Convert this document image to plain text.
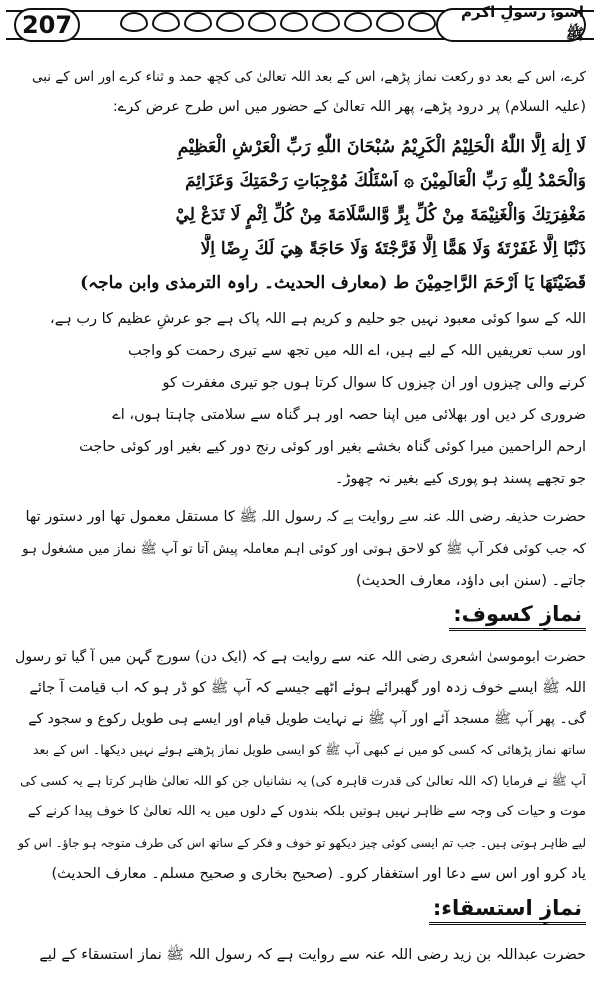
207	اسوۂ رسولِ اکرم ﷺ
کرے، اس کے بعد دو رکعت نماز پڑھے، اس کے بعد اللہ تعالیٰ کی کچھ حمد و ثناء کرے اور اس کے نبی
(علیہ السلام) پر درود پڑھے، پھر اللہ تعالیٰ کے حضور میں اس طرح عرض کرے:
لَا اِلٰهَ اِلَّا اللّٰهُ الْحَلِيْمُ الْكَرِيْمُ سُبْحَانَ اللّٰهِ رَبِّ الْعَرْشِ الْعَظِيْمِ
وَالْحَمْدُ لِلّٰهِ رَبِّ الْعَالَمِيْنَ ۞ اَسْئَلُكَ مُوْجِبَاتِ رَحْمَتِكَ وَعَزَائِمَ
مَغْفِرَتِكَ وَالْغَنِيْمَةَ مِنْ كُلِّ بِرٍّ وَّالسَّلَامَةَ مِنْ كُلِّ اِثْمٍ لَا تَدَعْ لِيْ
ذَنْبًا اِلَّا غَفَرْتَهٗ وَلَا هَمًّا اِلَّا فَرَّجْتَهٗ وَلَا حَاجَةً هِيَ لَكَ رِضًا اِلَّا
قَضَيْتَهَا يَا اَرْحَمَ الرَّاحِمِيْنَ ط (معارف الحدیث۔ راوہ الترمذی وابن ماجہ)
اللہ کے سوا کوئی معبود نہیں جو حلیم و کریم ہے اللہ پاک ہے جو عرشِ عظیم کا رب ہے،
اور سب تعریفیں اللہ کے لیے ہیں، اے اللہ میں تجھ سے تیری رحمت کو واجب
کرنے والی چیزوں اور ان چیزوں کا سوال کرتا ہوں جو تیری مغفرت کو
ضروری کر دیں اور بھلائی میں اپنا حصہ اور ہر گناہ سے سلامتی چاہتا ہوں، اے
ارحم الراحمین میرا کوئی گناہ بخشے بغیر اور کوئی رنج دور کیے بغیر اور کوئی حاجت
جو تجھے پسند ہو پوری کیے بغیر نہ چھوڑ۔
حضرت حذیفہ رضی اللہ عنہ سے روایت ہے کہ رسول اللہ ﷺ کا مستقل معمول تھا اور دستور تھا
کہ جب کوئی فکر آپ ﷺ کو لاحق ہوتی اور کوئی اہم معاملہ پیش آتا تو آپ ﷺ نماز میں مشغول ہو
جاتے۔ (سنن ابی داؤد، معارف الحدیث)
نمازِ کسوف:
حضرت ابوموسیٰ اشعری رضی اللہ عنہ سے روایت ہے کہ (ایک دن) سورج گہن میں آ گیا تو رسول
اللہ ﷺ ایسے خوف زدہ اور گھبرائے ہوئے اٹھے جیسے کہ آپ ﷺ کو ڈر ہو کہ اب قیامت آ جائے
گی۔ پھر آپ ﷺ مسجد آئے اور آپ ﷺ نے نہایت طویل قیام اور ایسے ہی طویل رکوع و سجود کے
ساتھ نماز پڑھائی کہ کسی کو میں نے کبھی آپ ﷺ کو ایسی طویل نماز پڑھتے ہوئے نہیں دیکھا۔ اس کے بعد
آپ ﷺ نے فرمایا (کہ اللہ تعالیٰ کی قدرت قاہرہ کی) یہ نشانیاں جن کو اللہ تعالیٰ ظاہر کرتا ہے یہ کسی کی
موت و حیات کی وجہ سے ظاہر نہیں ہوتیں بلکہ بندوں کے دلوں میں یہ اللہ تعالیٰ کا خوف پیدا کرنے کے
لیے ظاہر ہوتی ہیں۔ جب تم ایسی کوئی چیز دیکھو تو خوف و فکر کے ساتھ اس کی طرف متوجہ ہو جاؤ۔ اس کو
یاد کرو اور اس سے دعا اور استغفار کرو۔ (صحیح بخاری و صحیح مسلم۔ معارف الحدیث)
نمازِ استسقاء:
حضرت عبداللہ بن زید رضی اللہ عنہ سے روایت ہے کہ رسول اللہ ﷺ نماز استسقاء کے لیے
